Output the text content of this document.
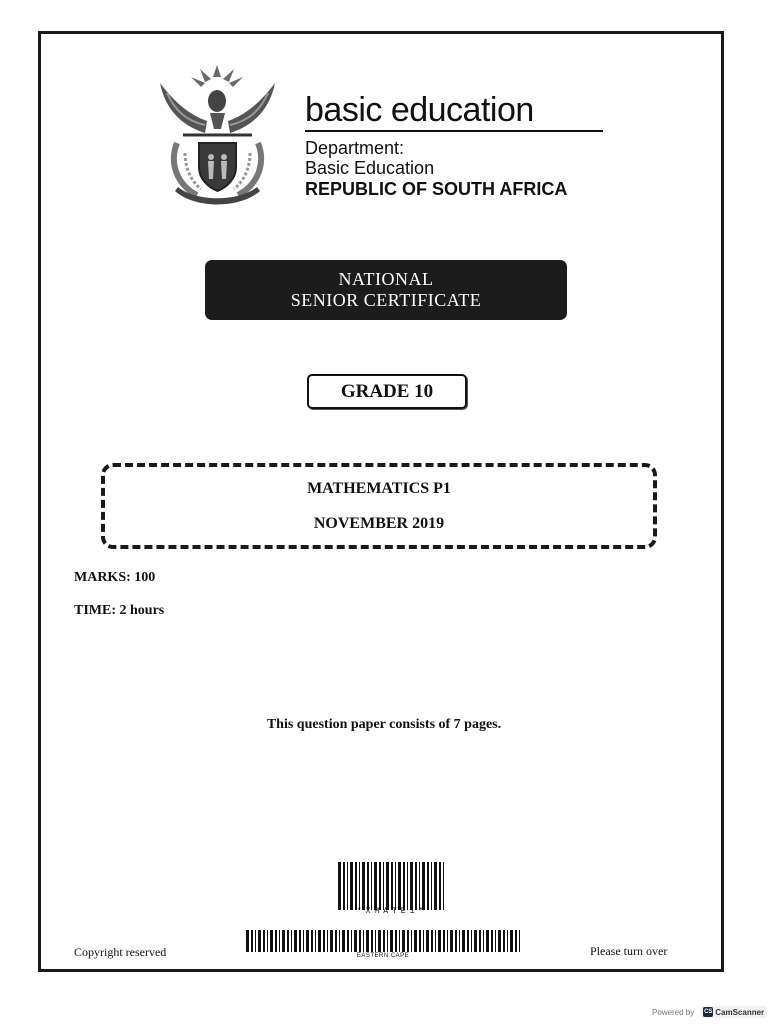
basic education
Department:
Basic Education
REPUBLIC OF SOUTH AFRICA
NATIONAL
SENIOR CERTIFICATE
GRADE 10
MATHEMATICS P1
NOVEMBER 2019
MARKS: 100
TIME: 2 hours
This question paper consists of 7 pages.
*XMATE1*
EASTERN CAPE
Copyright reserved	Please turn over
Powered by CS CamScanner
